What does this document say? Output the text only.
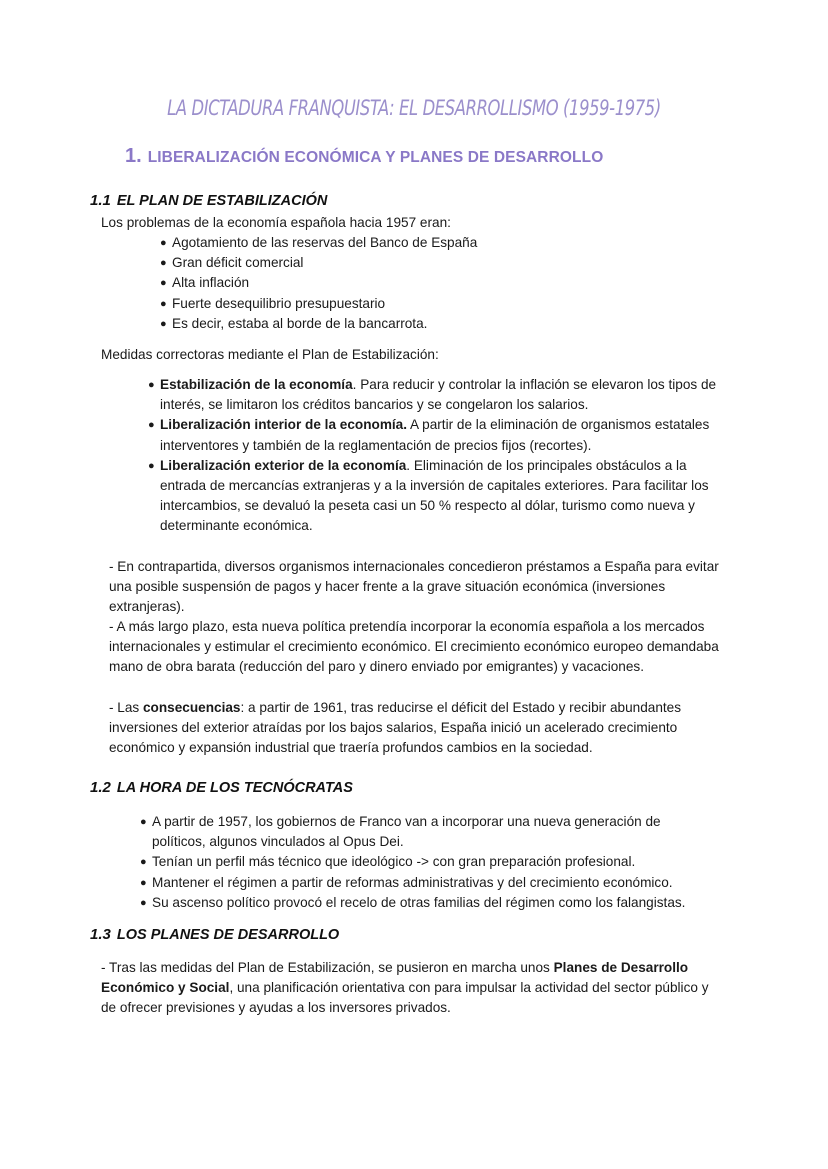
LA DICTADURA FRANQUISTA: EL DESARROLLISMO (1959-1975)
1. LIBERALIZACIÓN ECONÓMICA Y PLANES DE DESARROLLO
1.1 EL PLAN DE ESTABILIZACIÓN
Los problemas de la economía española hacia 1957 eran:
● Agotamiento de las reservas del Banco de España
● Gran déficit comercial
● Alta inflación
● Fuerte desequilibrio presupuestario
● Es decir, estaba al borde de la bancarrota.
Medidas correctoras mediante el Plan de Estabilización:
● Estabilización de la economía. Para reducir y controlar la inflación se elevaron los tipos de interés, se limitaron los créditos bancarios y se congelaron los salarios.
● Liberalización interior de la economía. A partir de la eliminación de organismos estatales interventores y también de la reglamentación de precios fijos (recortes).
● Liberalización exterior de la economía. Eliminación de los principales obstáculos a la entrada de mercancías extranjeras y a la inversión de capitales exteriores. Para facilitar los intercambios, se devaluó la peseta casi un 50 % respecto al dólar, turismo como nueva y determinante económica.
- En contrapartida, diversos organismos internacionales concedieron préstamos a España para evitar una posible suspensión de pagos y hacer frente a la grave situación económica (inversiones extranjeras).
- A más largo plazo, esta nueva política pretendía incorporar la economía española a los mercados internacionales y estimular el crecimiento económico. El crecimiento económico europeo demandaba mano de obra barata (reducción del paro y dinero enviado por emigrantes) y vacaciones.
- Las consecuencias: a partir de 1961, tras reducirse el déficit del Estado y recibir abundantes inversiones del exterior atraídas por los bajos salarios, España inició un acelerado crecimiento económico y expansión industrial que traería profundos cambios en la sociedad.
1.2 LA HORA DE LOS TECNÓCRATAS
● A partir de 1957, los gobiernos de Franco van a incorporar una nueva generación de políticos, algunos vinculados al Opus Dei.
● Tenían un perfil más técnico que ideológico -> con gran preparación profesional.
● Mantener el régimen a partir de reformas administrativas y del crecimiento económico.
● Su ascenso político provocó el recelo de otras familias del régimen como los falangistas.
1.3 LOS PLANES DE DESARROLLO
- Tras las medidas del Plan de Estabilización, se pusieron en marcha unos Planes de Desarrollo Económico y Social, una planificación orientativa con para impulsar la actividad del sector público y de ofrecer previsiones y ayudas a los inversores privados.
